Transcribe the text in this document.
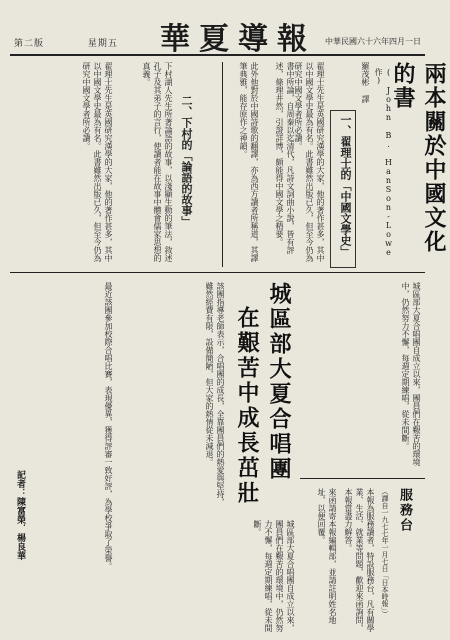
第二版	星期五 華夏導報 中華民國六十六年四月一日
兩本關於中國文化的書
( John B. HanSon-Lowe 作)
羅茂彬 譯
一、翟理士的「中國文學史」
翟理士先生是英國研究漢學的大家，他的著作甚多，其中以中國文學史最為有名。此書雖然出版已久，但至今仍為研究中國文學者所必讀。
書中所論，自周秦以迄清代，凡詩文詞曲小說，皆有評述，條理井然，引證詳博，頗能得中國文學之精要。
此外他對於中國詩歌的翻譯，亦為西方讀者所稱道，其譯筆典雅，能存原作之神韻。
二、下村的「論語的故事」
下村湖人先生所著論語的故事，以淺顯生動的筆法，敘述孔子及其弟子的言行，使讀者能在故事中體會儒家思想的真義。
翟理士先生是英國研究漢學的大家，他的著作甚多，其中以中國文學史最為有名。此書雖然出版已久，但至今仍為研究中國文學者所必讀。
城區部大夏合唱團
在艱苦中成長茁壯	城區部大夏合唱團自成立以來，團員們在艱苦的環境中，仍然努力不懈，每週定期練唱，從未間斷。
該團指導老師表示，合唱團的成長，全靠團員們的熱愛與堅持，雖然經費有限，設備簡陋，但大家的熱情從未減退。
最近該團參加校際合唱比賽，表現優異，獲得評審一致好評，為學校爭取了榮譽。
記者：陳富榮．楊良華	服務台
（譯自一九七七年一月七日「日本時報」）
本報為服務讀者，特設服務台，凡有關學業、生活、就業等問題，歡迎來函詢問，本報當盡力解答。
來函請寄本報編輯部，並請註明姓名地址，以便回覆。
城區部大夏合唱團自成立以來，團員們在艱苦的環境中，仍然努力不懈，每週定期練唱，從未間斷。
